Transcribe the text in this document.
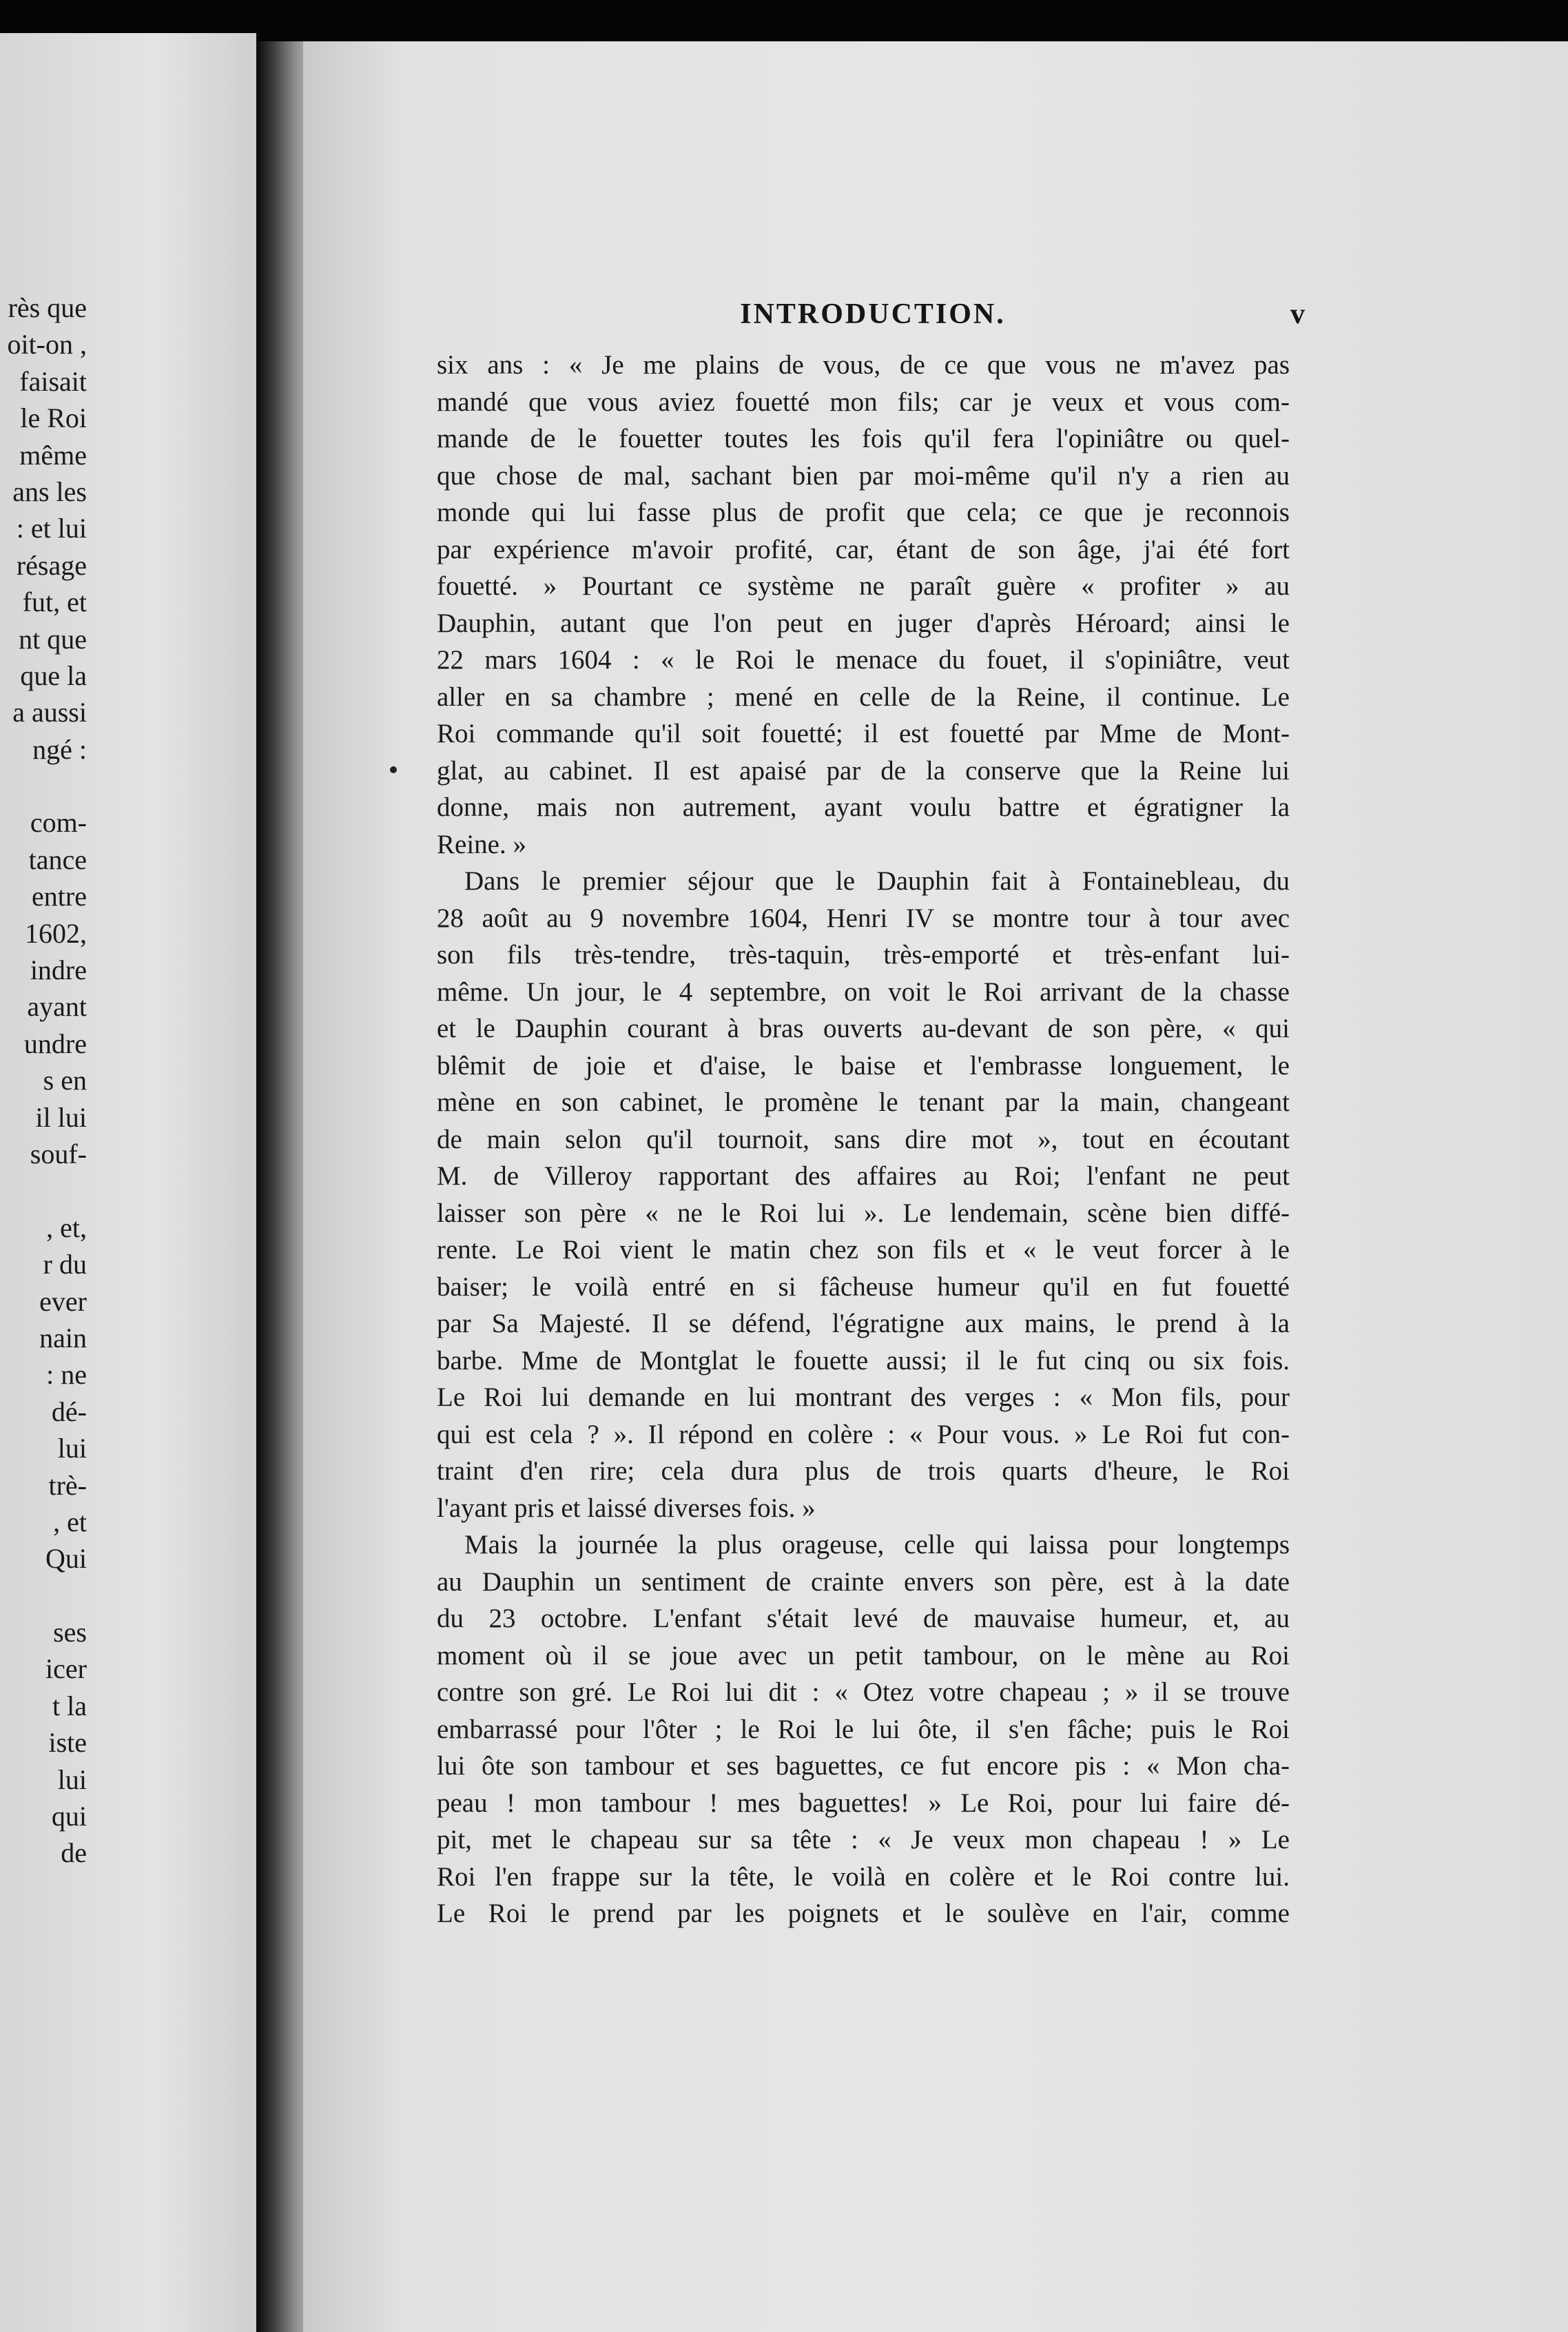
rès que
oit-on ,
faisait
le Roi
même
ans les
: et lui
résage
fut, et
nt que
que la
a aussi
ngé :
com-
tance
entre
1602,
indre
ayant
undre
s en
il lui
souf-
, et,
r du
ever
nain
: ne
dé-
lui
trè-
, et
Qui
ses
icer
t la
iste
lui
qui
de
INTRODUCTION.	v
six ans : « Je me plains de vous, de ce que vous ne m'avez pas
mandé que vous aviez fouetté mon fils; car je veux et vous com-
mande de le fouetter toutes les fois qu'il fera l'opiniâtre ou quel-
que chose de mal, sachant bien par moi-même qu'il n'y a rien au
monde qui lui fasse plus de profit que cela; ce que je reconnois
par expérience m'avoir profité, car, étant de son âge, j'ai été fort
fouetté. » Pourtant ce système ne paraît guère « profiter » au
Dauphin, autant que l'on peut en juger d'après Héroard; ainsi le
22 mars 1604 : « le Roi le menace du fouet, il s'opiniâtre, veut
aller en sa chambre ; mené en celle de la Reine, il continue. Le
Roi commande qu'il soit fouetté; il est fouetté par Mme de Mont-
glat, au cabinet. Il est apaisé par de la conserve que la Reine lui
donne, mais non autrement, ayant voulu battre et égratigner la
Reine. »
Dans le premier séjour que le Dauphin fait à Fontainebleau, du
28 août au 9 novembre 1604, Henri IV se montre tour à tour avec
son fils très-tendre, très-taquin, très-emporté et très-enfant lui-
même. Un jour, le 4 septembre, on voit le Roi arrivant de la chasse
et le Dauphin courant à bras ouverts au-devant de son père, « qui
blêmit de joie et d'aise, le baise et l'embrasse longuement, le
mène en son cabinet, le promène le tenant par la main, changeant
de main selon qu'il tournoit, sans dire mot », tout en écoutant
M. de Villeroy rapportant des affaires au Roi; l'enfant ne peut
laisser son père « ne le Roi lui ». Le lendemain, scène bien diffé-
rente. Le Roi vient le matin chez son fils et « le veut forcer à le
baiser; le voilà entré en si fâcheuse humeur qu'il en fut fouetté
par Sa Majesté. Il se défend, l'égratigne aux mains, le prend à la
barbe. Mme de Montglat le fouette aussi; il le fut cinq ou six fois.
Le Roi lui demande en lui montrant des verges : « Mon fils, pour
qui est cela ? ». Il répond en colère : « Pour vous. » Le Roi fut con-
traint d'en rire; cela dura plus de trois quarts d'heure, le Roi
l'ayant pris et laissé diverses fois. »
Mais la journée la plus orageuse, celle qui laissa pour longtemps
au Dauphin un sentiment de crainte envers son père, est à la date
du 23 octobre. L'enfant s'était levé de mauvaise humeur, et, au
moment où il se joue avec un petit tambour, on le mène au Roi
contre son gré. Le Roi lui dit : « Otez votre chapeau ; » il se trouve
embarrassé pour l'ôter ; le Roi le lui ôte, il s'en fâche; puis le Roi
lui ôte son tambour et ses baguettes, ce fut encore pis : « Mon cha-
peau ! mon tambour ! mes baguettes! » Le Roi, pour lui faire dé-
pit, met le chapeau sur sa tête : « Je veux mon chapeau ! » Le
Roi l'en frappe sur la tête, le voilà en colère et le Roi contre lui.
Le Roi le prend par les poignets et le soulève en l'air, comme
